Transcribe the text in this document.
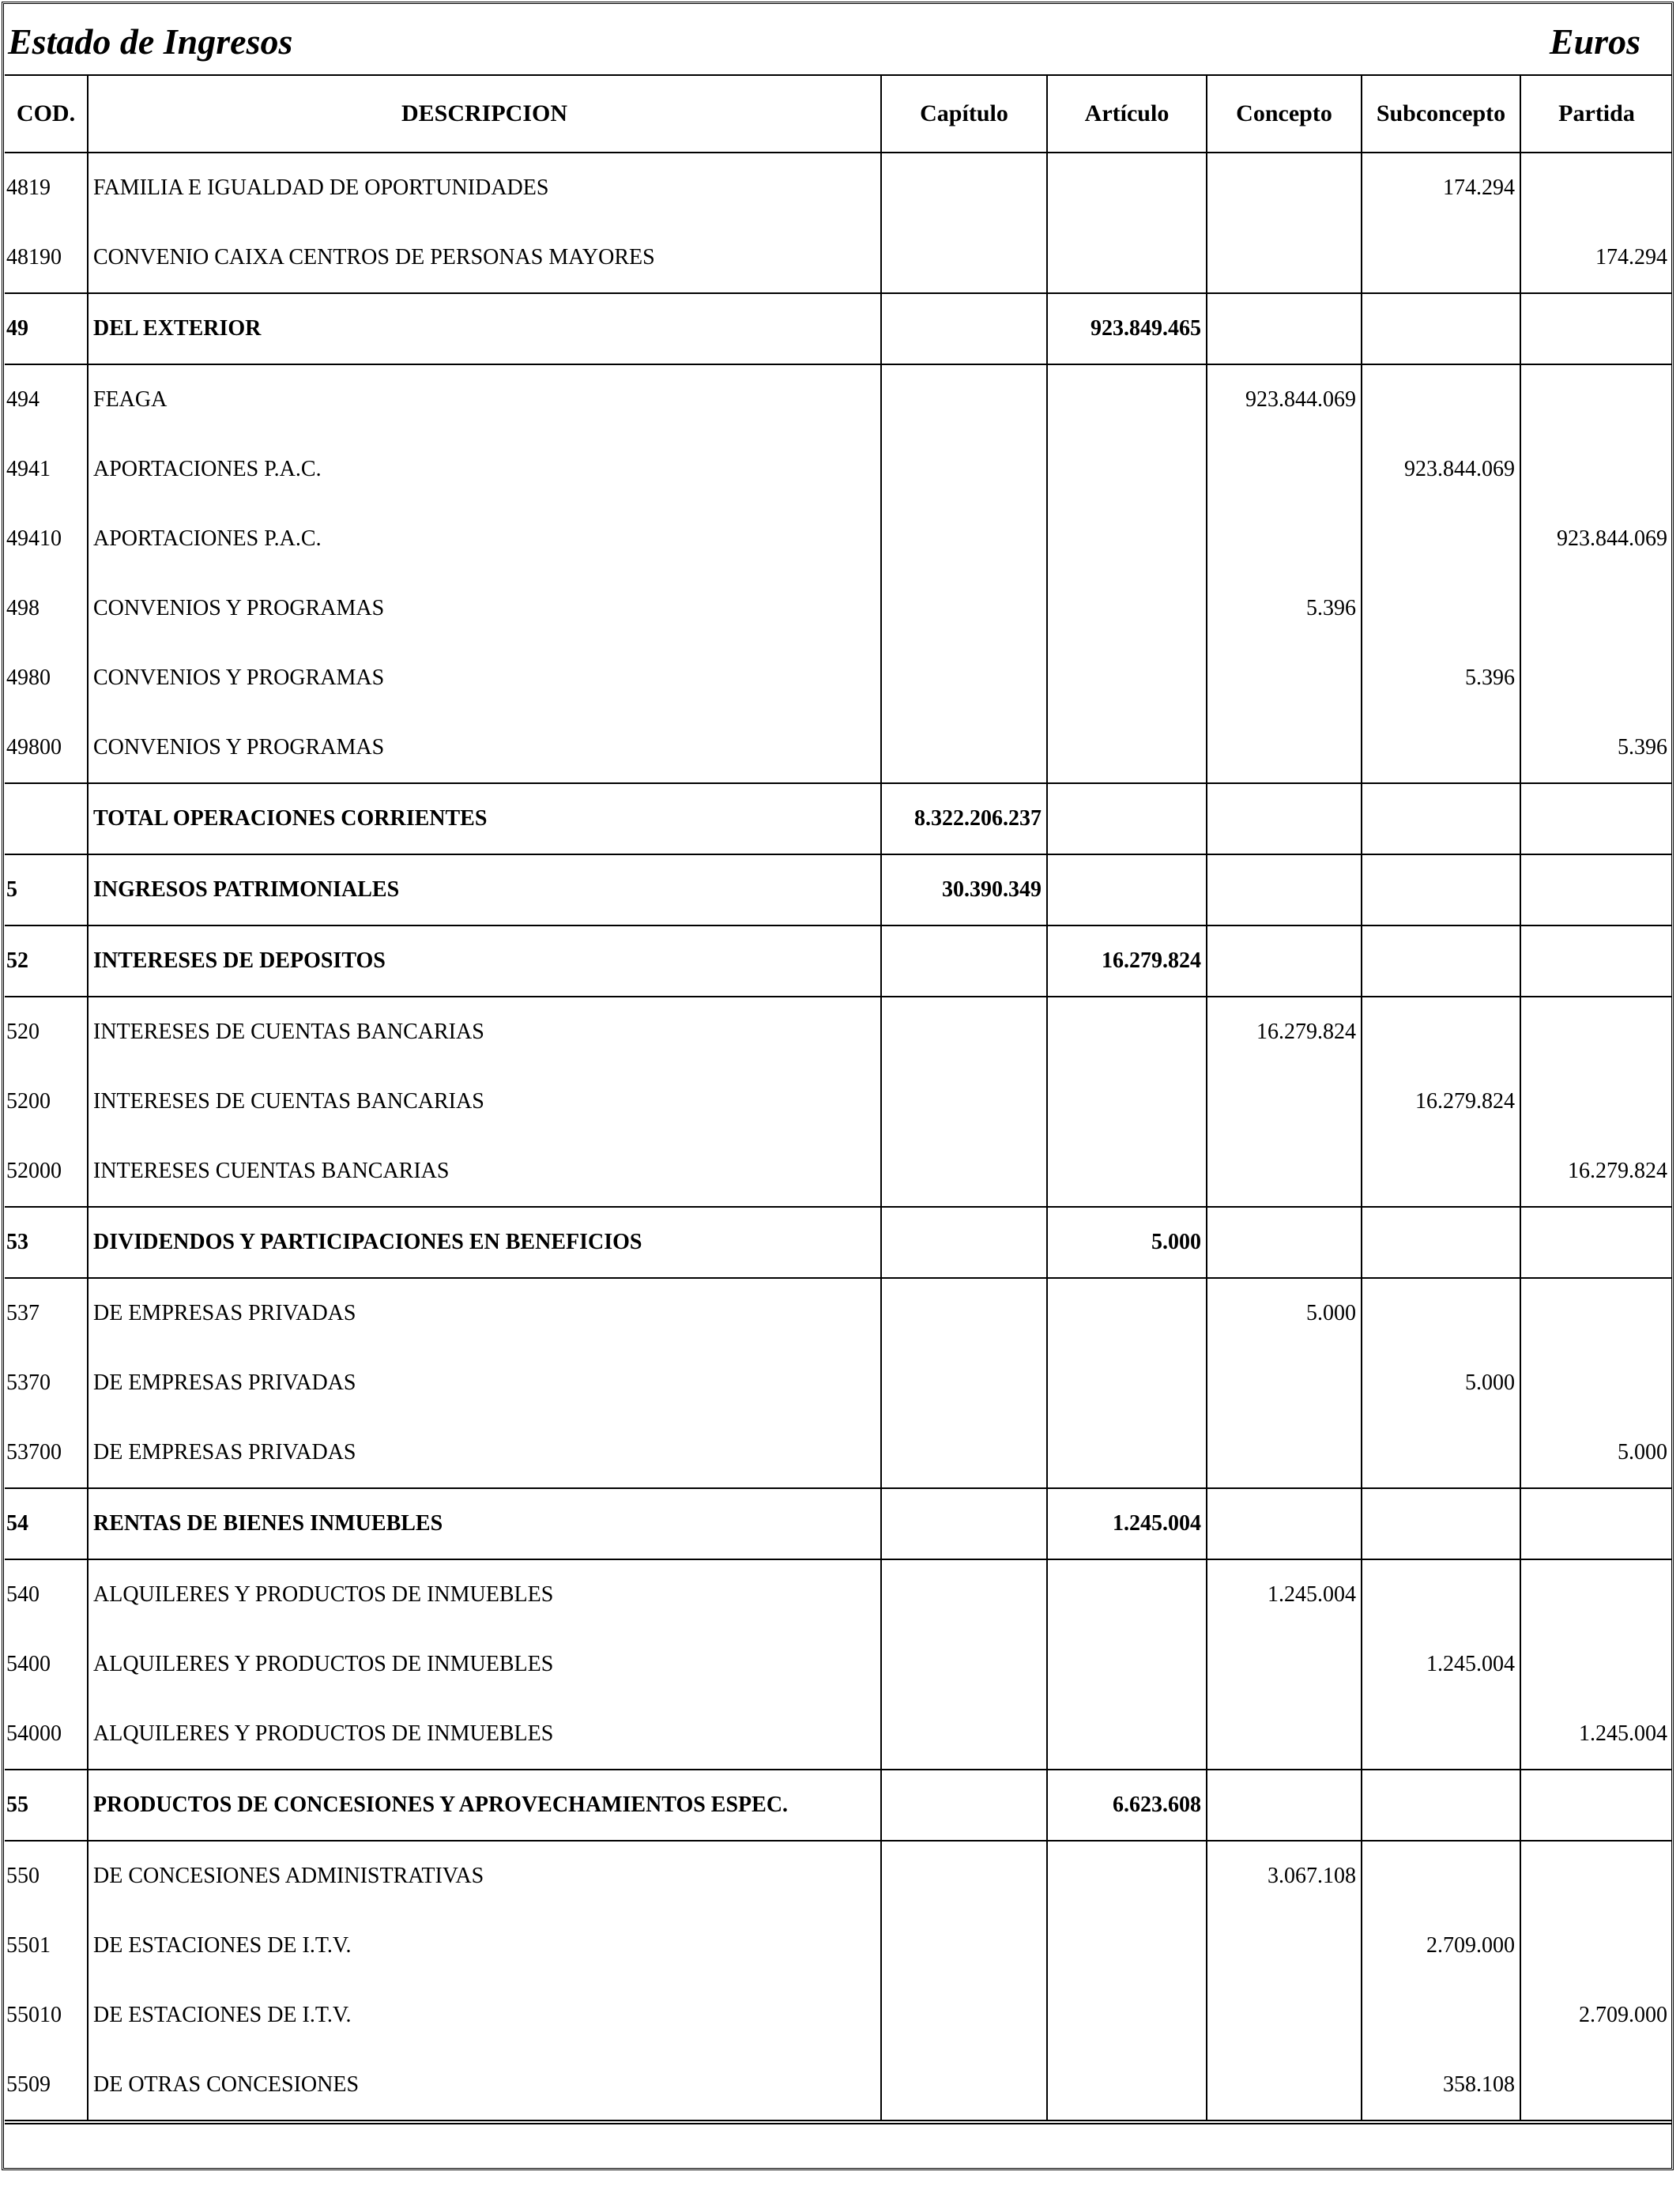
Estado de Ingresos	Euros
COD.	DESCRIPCION	Capítulo	Artículo	Concepto	Subconcepto	Partida
4819	FAMILIA E IGUALDAD DE OPORTUNIDADES				174.294	
48190	CONVENIO CAIXA CENTROS DE PERSONAS MAYORES					174.294
49	DEL EXTERIOR		923.849.465			
494	FEAGA			923.844.069		
4941	APORTACIONES P.A.C.				923.844.069	
49410	APORTACIONES P.A.C.					923.844.069
498	CONVENIOS Y PROGRAMAS			5.396		
4980	CONVENIOS Y PROGRAMAS				5.396	
49800	CONVENIOS Y PROGRAMAS					5.396
	TOTAL OPERACIONES CORRIENTES	8.322.206.237				
5	INGRESOS PATRIMONIALES	30.390.349				
52	INTERESES DE DEPOSITOS		16.279.824			
520	INTERESES DE CUENTAS BANCARIAS			16.279.824		
5200	INTERESES DE CUENTAS BANCARIAS				16.279.824	
52000	INTERESES CUENTAS BANCARIAS					16.279.824
53	DIVIDENDOS Y PARTICIPACIONES EN BENEFICIOS		5.000			
537	DE EMPRESAS PRIVADAS			5.000		
5370	DE EMPRESAS PRIVADAS				5.000	
53700	DE EMPRESAS PRIVADAS					5.000
54	RENTAS DE BIENES INMUEBLES		1.245.004			
540	ALQUILERES Y PRODUCTOS DE INMUEBLES			1.245.004		
5400	ALQUILERES Y PRODUCTOS DE INMUEBLES				1.245.004	
54000	ALQUILERES Y PRODUCTOS DE INMUEBLES					1.245.004
55	PRODUCTOS DE CONCESIONES Y APROVECHAMIENTOS ESPEC.		6.623.608			
550	DE CONCESIONES ADMINISTRATIVAS			3.067.108		
5501	DE ESTACIONES DE I.T.V.				2.709.000	
55010	DE ESTACIONES DE I.T.V.					2.709.000
5509	DE OTRAS CONCESIONES				358.108	
